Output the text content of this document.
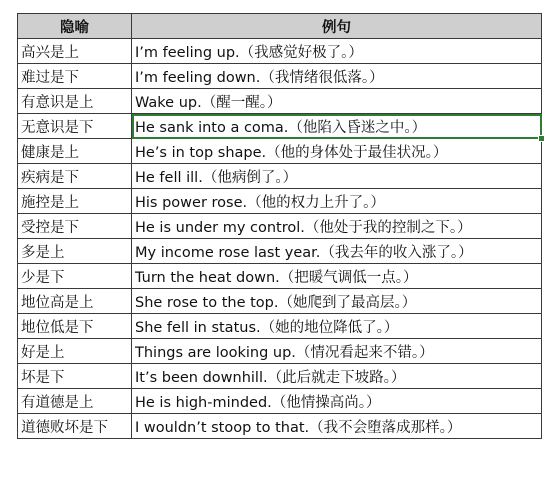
隐喻	例句
高兴是上	I’m feeling up.（我感觉好极了。）
难过是下	I’m feeling down.（我情绪很低落。）
有意识是上	Wake up.（醒一醒。）
无意识是下	He sank into a coma.（他陷入昏迷之中。）
健康是上	He’s in top shape.（他的身体处于最佳状况。）
疾病是下	He fell ill.（他病倒了。）
施控是上	His power rose.（他的权力上升了。）
受控是下	He is under my control.（他处于我的控制之下。）
多是上	My income rose last year.（我去年的收入涨了。）
少是下	Turn the heat down.（把暖气调低一点。）
地位高是上	She rose to the top.（她爬到了最高层。）
地位低是下	She fell in status.（她的地位降低了。）
好是上	Things are looking up.（情况看起来不错。）
坏是下	It’s been downhill.（此后就走下坡路。）
有道德是上	He is high-minded.（他情操高尚。）
道德败坏是下	I wouldn’t stoop to that.（我不会堕落成那样。）
